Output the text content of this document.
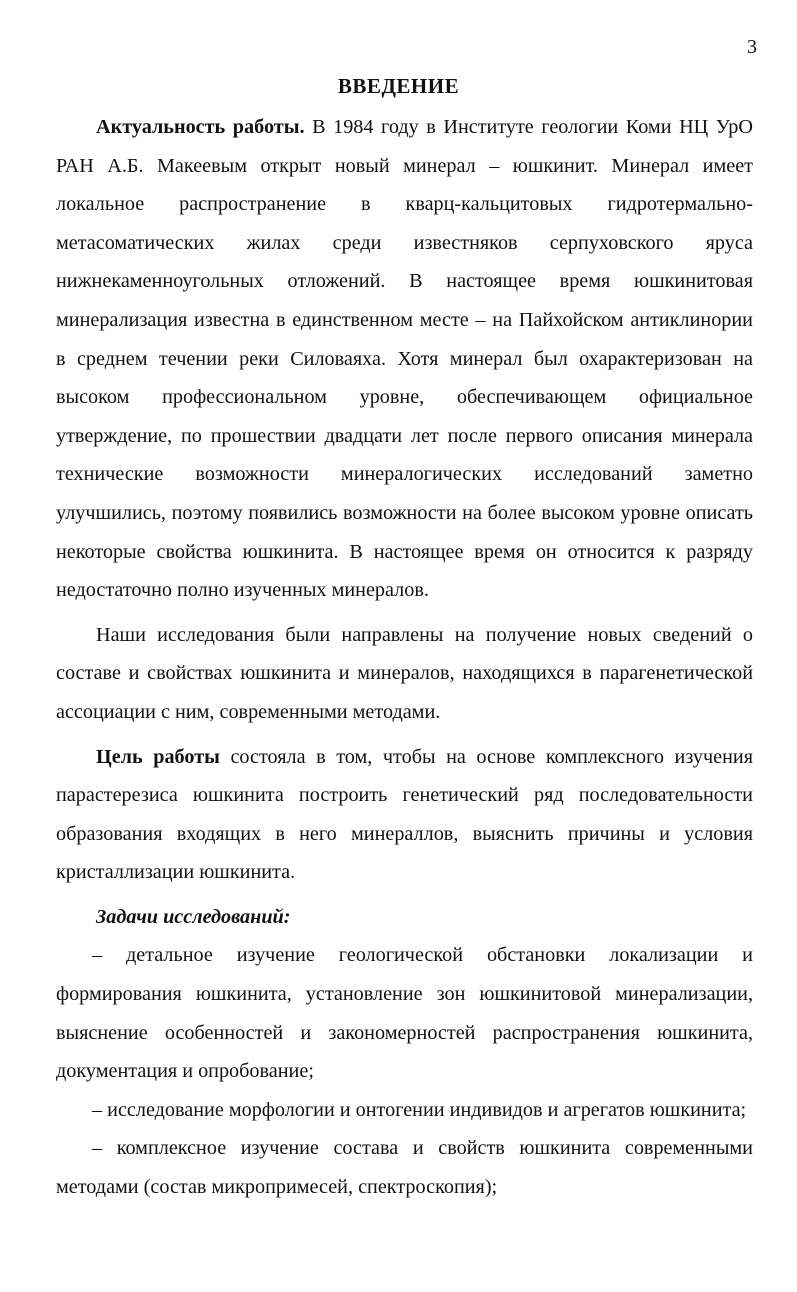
3
ВВЕДЕНИЕ

Актуальность работы. В 1984 году в Институте геологии Коми НЦ УрО РАН А.Б. Макеевым открыт новый минерал – юшкинит. Минерал имеет локальное распространение в кварц-кальцитовых гидротермально-метасоматических жилах среди известняков серпуховского яруса нижнекаменноугольных отложений. В настоящее время юшкинитовая минерализация известна в единственном месте – на Пайхойском антиклинории в среднем течении реки Силоваяха. Хотя минерал был охарактеризован на высоком профессиональном уровне, обеспечивающем официальное утверждение, по прошествии двадцати лет после первого описания минерала технические возможности минералогических исследований заметно улучшились, поэтому появились возможности на более высоком уровне описать некоторые свойства юшкинита. В настоящее время он относится к разряду недостаточно полно изученных минералов.

Наши исследования были направлены на получение новых сведений о составе и свойствах юшкинита и минералов, находящихся в парагенетической ассоциации с ним, современными методами.

Цель работы состояла в том, чтобы на основе комплексного изучения парастерезиса юшкинита построить генетический ряд последовательности образования входящих в него минераллов, выяснить причины и условия кристаллизации юшкинита.

Задачи исследований:

– детальное изучение геологической обстановки локализации и формирования юшкинита, установление зон юшкинитовой минерализации, выяснение особенностей и закономерностей распространения юшкинита, документация и опробование;

– исследование морфологии и онтогении индивидов и агрегатов юшкинита;

– комплексное изучение состава и свойств юшкинита современными методами (состав микропримесей, спектроскопия);
